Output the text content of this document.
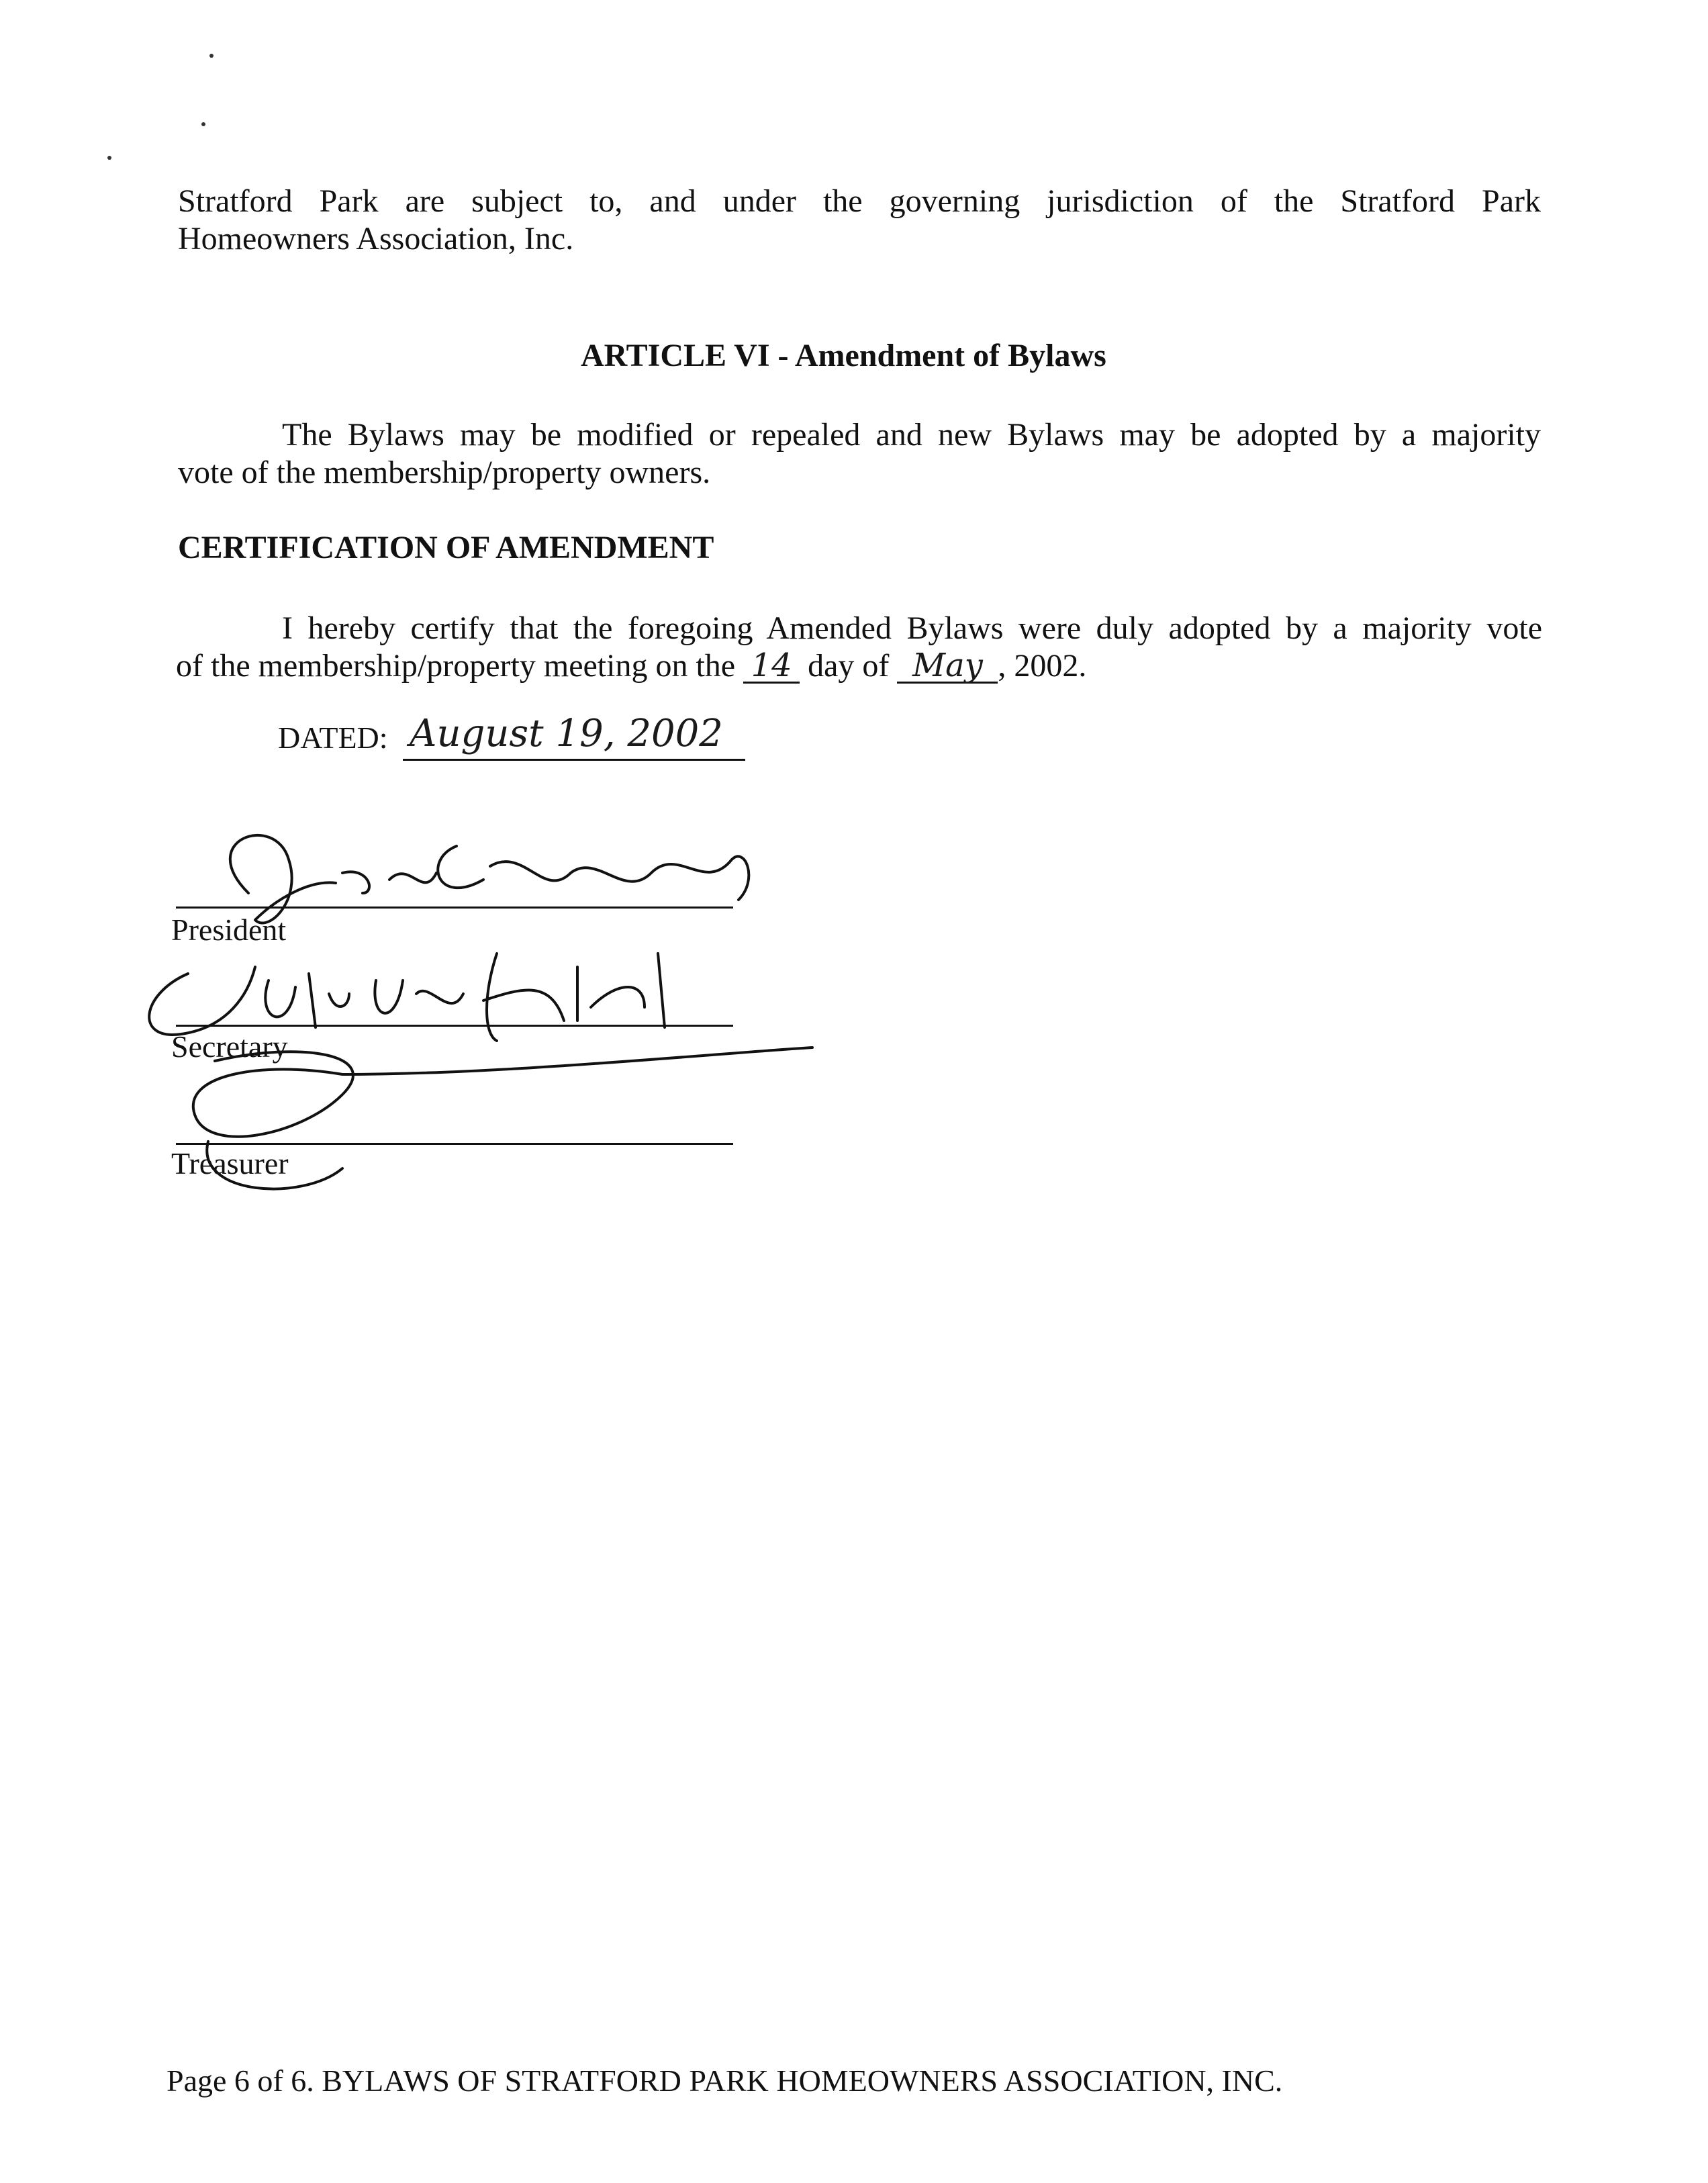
Stratford Park are subject to, and under the governing jurisdiction of the Stratford Park
Homeowners Association, Inc.
ARTICLE VI - Amendment of Bylaws
The Bylaws may be modified or repealed and new Bylaws may be adopted by a majority
vote of the membership/property owners.
CERTIFICATION OF AMENDMENT
I hereby certify that the foregoing Amended Bylaws were duly adopted by a majority vote
of the membership/property meeting on the 14 day of May , 2002.
DATED: August 19, 2002
President
Secretary
Treasurer
Page 6 of 6. BYLAWS OF STRATFORD PARK HOMEOWNERS ASSOCIATION, INC.
